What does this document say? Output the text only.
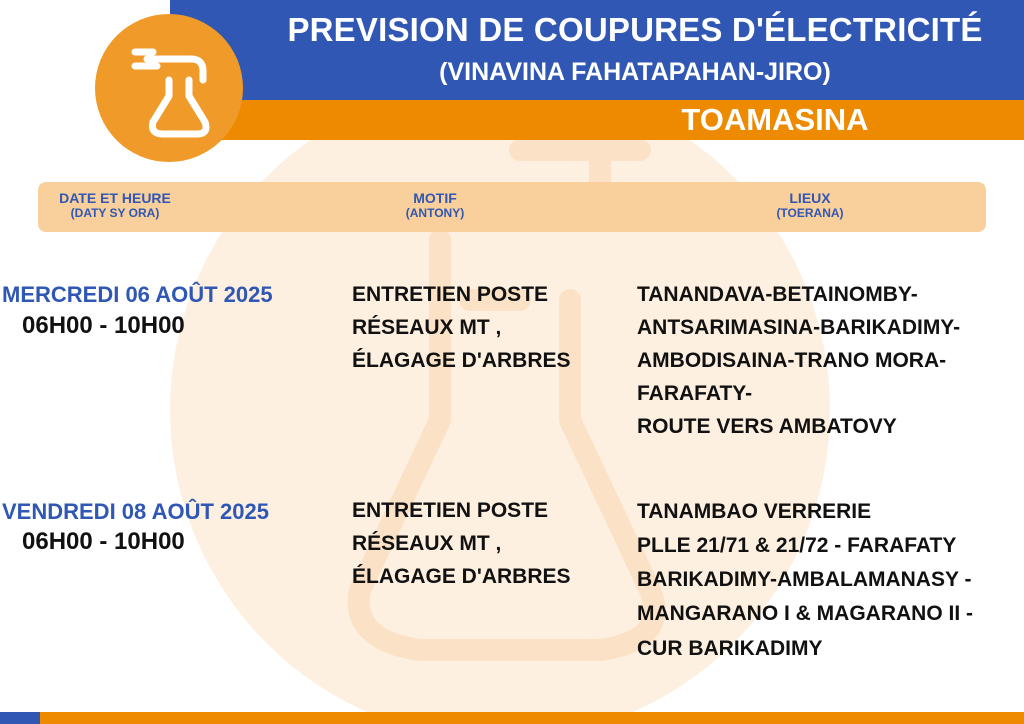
PREVISION DE COUPURES D'ÉLECTRICITÉ
(VINAVINA FAHATAPAHAN-JIRO)
TOAMASINA
DATE ET HEURE
(DATY SY ORA)
MOTIF
(ANTONY)
LIEUX
(TOERANA)
MERCREDI 06 AOÛT 2025
06H00 - 10H00
ENTRETIEN POSTE
RÉSEAUX MT ,
ÉLAGAGE D'ARBRES
TANANDAVA-BETAINOMBY-
ANTSARIMASINA-BARIKADIMY-
AMBODISAINA-TRANO MORA-
FARAFATY-
ROUTE VERS AMBATOVY
VENDREDI 08 AOÛT 2025
06H00 - 10H00
ENTRETIEN POSTE
RÉSEAUX MT ,
ÉLAGAGE D'ARBRES
TANAMBAO VERRERIE
PLLE 21/71 & 21/72 - FARAFATY
BARIKADIMY-AMBALAMANASY -
MANGARANO I & MAGARANO II -
CUR BARIKADIMY
